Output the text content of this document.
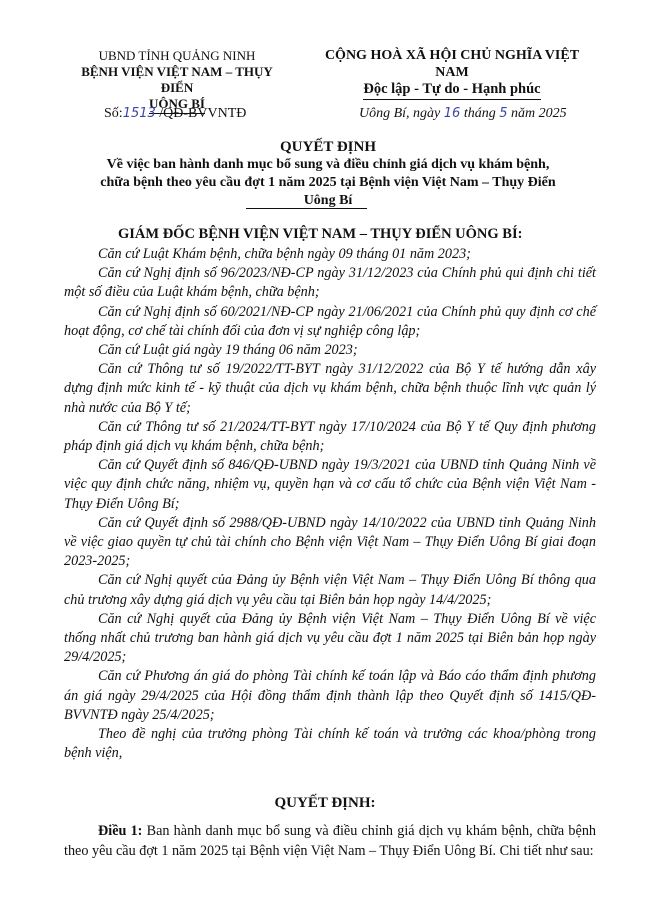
UBND TỈNH QUẢNG NINH
BỆNH VIỆN VIỆT NAM – THỤY ĐIỂN
UÔNG BÍ
CỘNG HOÀ XÃ HỘI CHỦ NGHĨA VIỆT NAM
Độc lập - Tự do - Hạnh phúc
Số:1513 /QĐ-BVVNTĐ	Uông Bí, ngày 16 tháng 5 năm 2025
QUYẾT ĐỊNH
Về việc ban hành danh mục bổ sung và điều chỉnh giá dịch vụ khám bệnh,
chữa bệnh theo yêu cầu đợt 1 năm 2025 tại Bệnh viện Việt Nam – Thụy Điển
Uông Bí
GIÁM ĐỐC BỆNH VIỆN VIỆT NAM – THỤY ĐIỂN UÔNG BÍ:

Căn cứ Luật Khám bệnh, chữa bệnh ngày 09 tháng 01 năm 2023;

Căn cứ Nghị định số 96/2023/NĐ-CP ngày 31/12/2023 của Chính phủ qui định chi tiết một số điều của Luật khám bệnh, chữa bệnh;

Căn cứ Nghị định số 60/2021/NĐ-CP ngày 21/06/2021 của Chính phủ quy định cơ chế hoạt động, cơ chế tài chính đối của đơn vị sự nghiệp công lập;

Căn cứ Luật giá ngày 19 tháng 06 năm 2023;

Căn cứ Thông tư số 19/2022/TT-BYT ngày 31/12/2022 của Bộ Y tế hướng dẫn xây dựng định mức kinh tế - kỹ thuật của dịch vụ khám bệnh, chữa bệnh thuộc lĩnh vực quản lý nhà nước của Bộ Y tế;

Căn cứ Thông tư số 21/2024/TT-BYT ngày 17/10/2024 của Bộ Y tế Quy định phương pháp định giá dịch vụ khám bệnh, chữa bệnh;

Căn cứ Quyết định số 846/QĐ-UBND ngày 19/3/2021 của UBND tỉnh Quảng Ninh về việc quy định chức năng, nhiệm vụ, quyền hạn và cơ cấu tổ chức của Bệnh viện Việt Nam - Thụy Điển Uông Bí;

Căn cứ Quyết định số 2988/QĐ-UBND ngày 14/10/2022 của UBND tỉnh Quảng Ninh về việc giao quyền tự chủ tài chính cho Bệnh viện Việt Nam – Thụy Điển Uông Bí giai đoạn 2023-2025;

Căn cứ Nghị quyết của Đảng ủy Bệnh viện Việt Nam – Thụy Điển Uông Bí thông qua chủ trương xây dựng giá dịch vụ yêu cầu tại Biên bản họp ngày 14/4/2025;

Căn cứ Nghị quyết của Đảng ủy Bệnh viện Việt Nam – Thụy Điển Uông Bí về việc thống nhất chủ trương ban hành giá dịch vụ yêu cầu đợt 1 năm 2025 tại Biên bản họp ngày 29/4/2025;

Căn cứ Phương án giá do phòng Tài chính kế toán lập và Báo cáo thẩm định phương án giá ngày 29/4/2025 của Hội đồng thẩm định thành lập theo Quyết định số 1415/QĐ-BVVNTĐ ngày 25/4/2025;

Theo đề nghị của trưởng phòng Tài chính kế toán và trưởng các khoa/phòng trong bệnh viện,

QUYẾT ĐỊNH:

Điều 1: Ban hành danh mục bổ sung và điều chỉnh giá dịch vụ khám bệnh, chữa bệnh theo yêu cầu đợt 1 năm 2025 tại Bệnh viện Việt Nam – Thụy Điển Uông Bí. Chi tiết như sau:
